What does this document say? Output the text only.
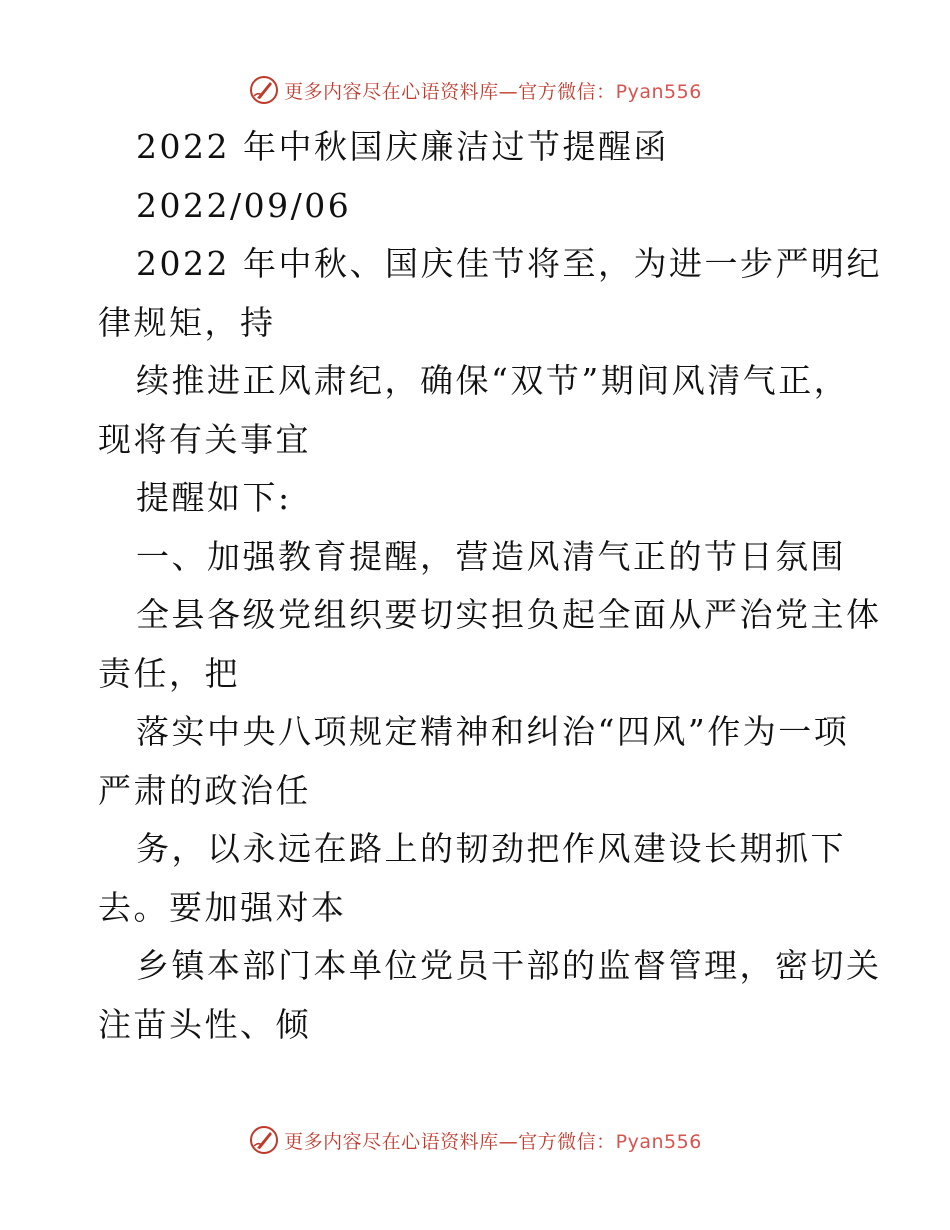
更多内容尽在心语资料库—官方微信：Pyan556
2022 年中秋国庆廉洁过节提醒函
2022/09/06
2022 年中秋、国庆佳节将至，为进一步严明纪
律规矩，持
续推进正风肃纪，确保“双节”期间风清气正，
现将有关事宜
提醒如下:
一、加强教育提醒，营造风清气正的节日氛围
全县各级党组织要切实担负起全面从严治党主体
责任，把
落实中央八项规定精神和纠治“四风”作为一项
严肃的政治任
务，以永远在路上的韧劲把作风建设长期抓下
去。要加强对本
乡镇本部门本单位党员干部的监督管理，密切关
注苗头性、倾
更多内容尽在心语资料库—官方微信：Pyan556
